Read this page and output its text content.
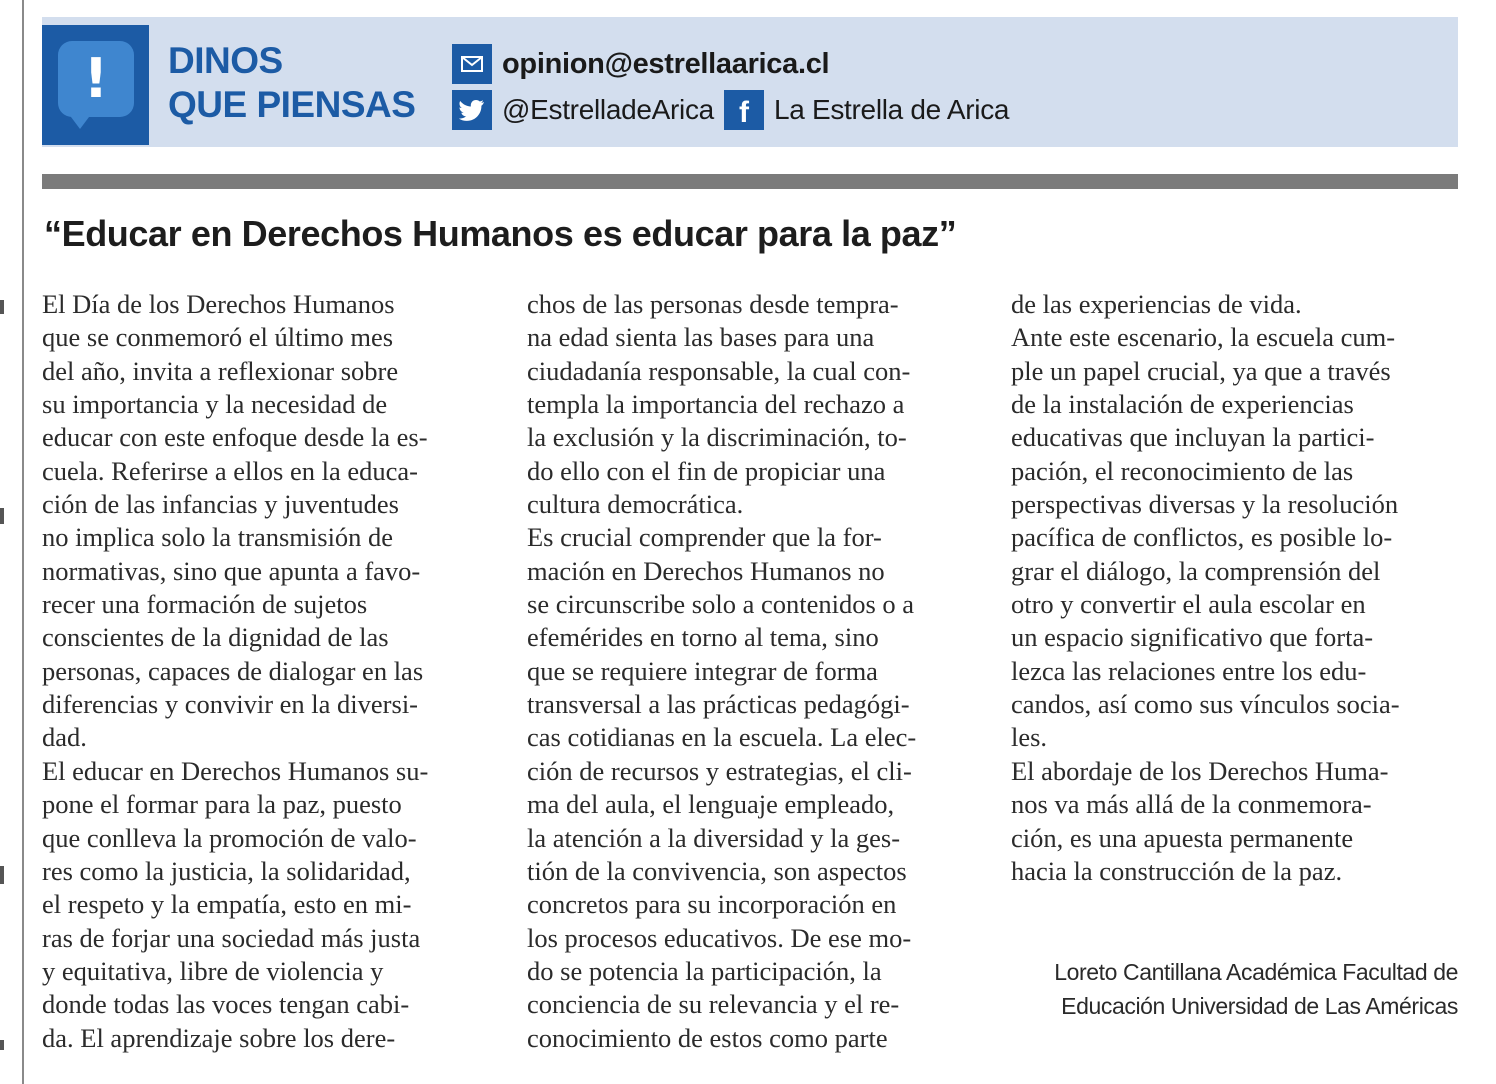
!	DINOS
QUE PIENSAS
opinion@estrellaarica.cl
@EstrelladeArica f La Estrella de Arica
“Educar en Derechos Humanos es educar para la paz”
El Día de los Derechos Humanos
que se conmemoró el último mes
del año, invita a reflexionar sobre
su importancia y la necesidad de
educar con este enfoque desde la es-
cuela. Referirse a ellos en la educa-
ción de las infancias y juventudes
no implica solo la transmisión de
normativas, sino que apunta a favo-
recer una formación de sujetos
conscientes de la dignidad de las
personas, capaces de dialogar en las
diferencias y convivir en la diversi-
dad.
El educar en Derechos Humanos su-
pone el formar para la paz, puesto
que conlleva la promoción de valo-
res como la justicia, la solidaridad,
el respeto y la empatía, esto en mi-
ras de forjar una sociedad más justa
y equitativa, libre de violencia y
donde todas las voces tengan cabi-
da. El aprendizaje sobre los dere-
chos de las personas desde tempra-
na edad sienta las bases para una
ciudadanía responsable, la cual con-
templa la importancia del rechazo a
la exclusión y la discriminación, to-
do ello con el fin de propiciar una
cultura democrática.
Es crucial comprender que la for-
mación en Derechos Humanos no
se circunscribe solo a contenidos o a
efemérides en torno al tema, sino
que se requiere integrar de forma
transversal a las prácticas pedagógi-
cas cotidianas en la escuela. La elec-
ción de recursos y estrategias, el cli-
ma del aula, el lenguaje empleado,
la atención a la diversidad y la ges-
tión de la convivencia, son aspectos
concretos para su incorporación en
los procesos educativos. De ese mo-
do se potencia la participación, la
conciencia de su relevancia y el re-
conocimiento de estos como parte
de las experiencias de vida.
Ante este escenario, la escuela cum-
ple un papel crucial, ya que a través
de la instalación de experiencias
educativas que incluyan la partici-
pación, el reconocimiento de las
perspectivas diversas y la resolución
pacífica de conflictos, es posible lo-
grar el diálogo, la comprensión del
otro y convertir el aula escolar en
un espacio significativo que forta-
lezca las relaciones entre los edu-
candos, así como sus vínculos socia-
les.
El abordaje de los Derechos Huma-
nos va más allá de la conmemora-
ción, es una apuesta permanente
hacia la construcción de la paz.
Loreto Cantillana Académica Facultad de
Educación Universidad de Las Américas
